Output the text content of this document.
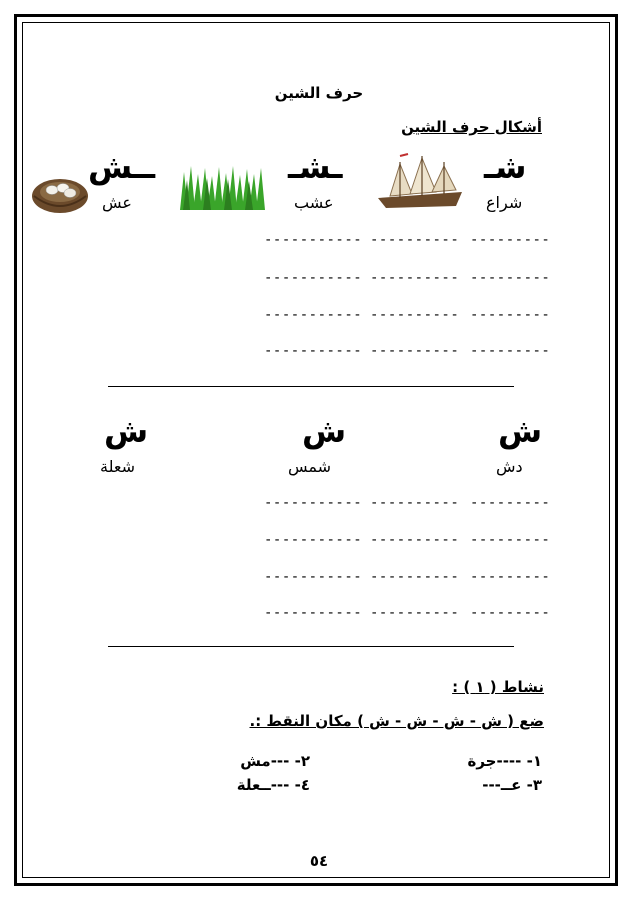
حرف الشين
أشكال حرف الشين
شـ
ـشـ
ــش
شراع
عشب
عش
----------- ---------- ---------
----------- ---------- ---------
----------- ---------- ---------
----------- ---------- ---------
ش
ش
ش
دش
شمس
شعلة
----------- ---------- ---------
----------- ---------- ---------
----------- ---------- ---------
----------- ---------- ---------
نشاط ( ١ ) :
ضع ( ش - ش - ش - ش ) مكان النقط :.
١- ----جرة
٢- ---مش
٣- عــ---
٤- ---ــعلة
٥٤
